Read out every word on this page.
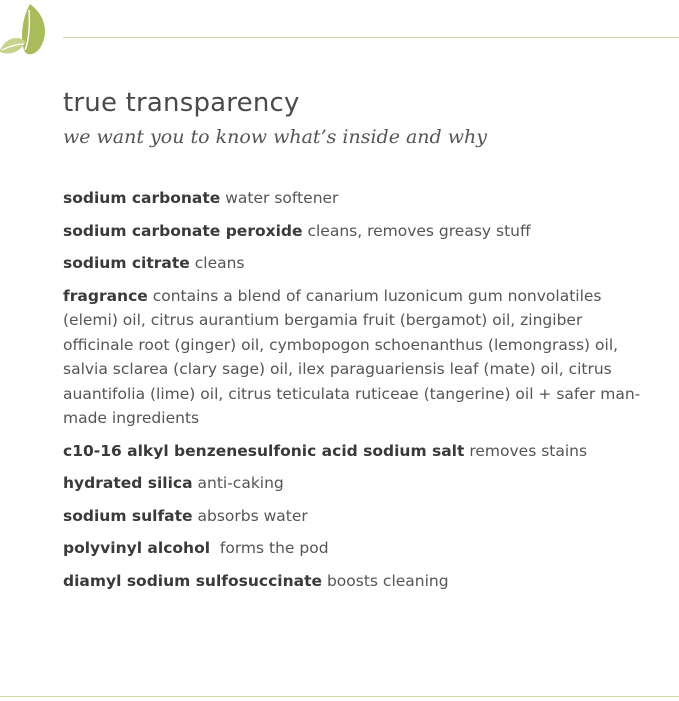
true transparency

we want you to know what’s inside and why

sodium carbonate water softener
sodium carbonate peroxide cleans, removes greasy stuff
sodium citrate cleans
fragrance contains a blend of canarium luzonicum gum nonvolatiles (elemi) oil, citrus aurantium bergamia fruit (bergamot) oil, zingiber officinale root (ginger) oil, cymbopogon schoenanthus (lemongrass) oil, salvia sclarea (clary sage) oil, ilex paraguariensis leaf (mate) oil, citrus auantifolia (lime) oil, citrus teticulata ruticeae (tangerine) oil + safer man-made ingredients
c10-16 alkyl benzenesulfonic acid sodium salt removes stains
hydrated silica anti-caking
sodium sulfate absorbs water
polyvinyl alcohol  forms the pod
diamyl sodium sulfosuccinate boosts cleaning
